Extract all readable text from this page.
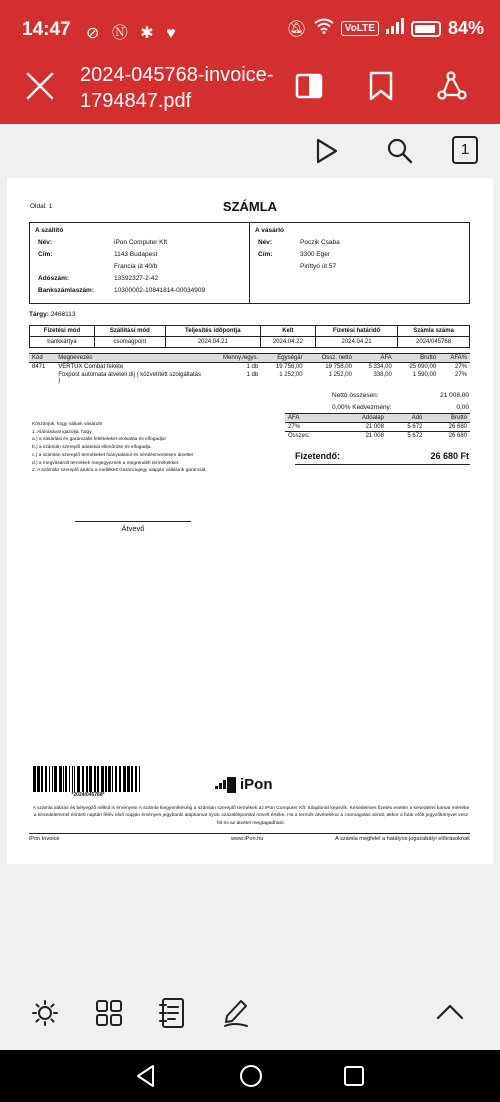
14:47 ⊘ Ⓝ ✱ ♥	🔕︎	VoLTE	84%
2024-045768-invoice-1794847.pdf
1
Oldal: 1	SZÁMLA
A szállító
Név:	iPon Computer Kft
Cím:	1143 Budapest
Francia út 40/b
Adószám:	13392327-2-42
Bankszámlaszám:	10300002-10841814-00034909
A vásárló
Név:	Poczik Csaba
Cím:	3300 Eger
Pirittyó út 57
Tárgy: 2468113
Fizetési mód	Szállítási mód	Teljesítés időpontja	Kelt	Fizetési határidő	Számla száma
bankkártya	csomagpont	2024.04.21	2024.04.22	2024.04.21	2024/045768
Kód	Megnevezés	Menny./egys.	Egységár	Össz. nettó	ÁFA	Bruttó	ÁFA%
8471	VERTUX Combat fekete	1 db	19 756,00	19 756,00	5 334,00	25 090,00	27%
	Foxpost automata átvételi díj ( közvetített szolgáltatás )	1 db	1 252,00	1 252,00	338,00	1 590,00	27%
Nettó összesen:	21 008,00
0,00% Kedvezmény:	0,00
ÁFA	Adóalap	Adó	Bruttó
27%	21 008	5 672	26 680
Összes:	21 008	5 672	26 680
Fizetendő:	26 680 Ft
Köszönjük, hogy nálunk vásárolt!
1. Aláírásával igazolja, hogy
a.) a vásárlási és garanciális feltételeket elolvasta és elfogadja!
b.) a számlán szereplő adatokat ellenőrizte és elfogadja.
c.) a számlán szereplő termékeket hiánytalanul és sérülésmentesen átvette!
d.) a megvásárolt termékek megegyeznek a megrendelt termékekkel.
2. A számlán szereplő árukra a mellékelt Garanciajegy alapján vállalunk garanciát.
Átvevő
*2024/045768*
iPon
A számla aláírás és bélyegző nélkül is érvényes! A számla kiegyenlítéséig a számlán szereplő termékek az iPon Computer Kft. tulajdonát képezik. Késedelmes fizetés esetén a késedelmi kamat mértéke a késedelemmel érintett naptári félév első napján érvényes jegybanki alapkamat nyolc százalékponttal növelt értéke. Ha a termék átvételekor a csomagolás sérült, akkor a futár előtt jegyzőkönyvet vesz föl és az átvétel megtagadható.
iPon Invoice	www.iPon.hu	A számla megfelel a hatályos jogszabályi előírásoknak
